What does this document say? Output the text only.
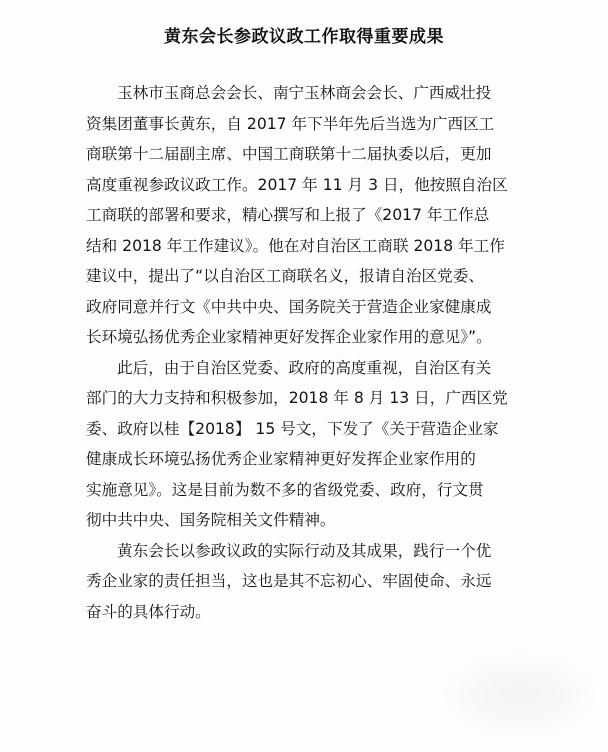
黄东会长参政议政工作取得重要成果
玉林市玉商总会会长、南宁玉林商会会长、广西威壮投
资集团董事长黄东，自 2017 年下半年先后当选为广西区工
商联第十二届副主席、中国工商联第十二届执委以后，更加
高度重视参政议政工作。2017 年 11 月 3 日，他按照自治区
工商联的部署和要求，精心撰写和上报了《2017 年工作总
结和 2018 年工作建议》。他在对自治区工商联 2018 年工作
建议中，提出了“以自治区工商联名义，报请自治区党委、
政府同意并行文《中共中央、国务院关于营造企业家健康成
长环境弘扬优秀企业家精神更好发挥企业家作用的意见》”。
此后，由于自治区党委、政府的高度重视，自治区有关
部门的大力支持和积极参加，2018 年 8 月 13 日，广西区党
委、政府以桂【2018】 15 号文，下发了《关于营造企业家
健康成长环境弘扬优秀企业家精神更好发挥企业家作用的
实施意见》。这是目前为数不多的省级党委、政府，行文贯
彻中共中央、国务院相关文件精神。
黄东会长以参政议政的实际行动及其成果，践行一个优
秀企业家的责任担当，这也是其不忘初心、牢固使命、永远
奋斗的具体行动。
